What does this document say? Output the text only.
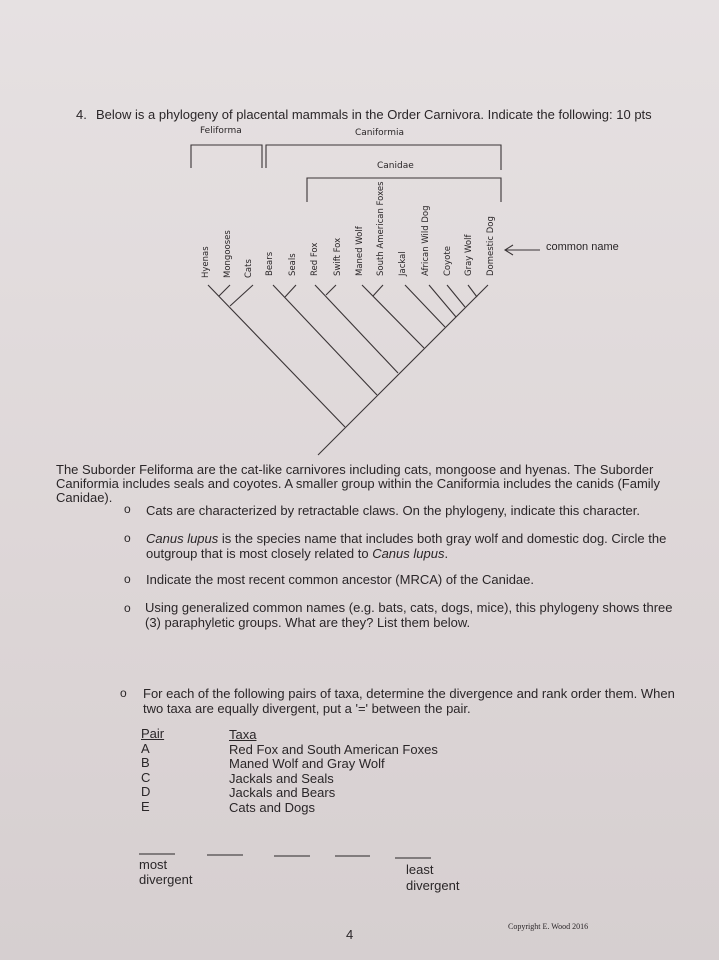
4. Below is a phylogeny of placental mammals in the Order Carnivora. Indicate the following: 10 pts
Feliforma	Caniformia
Canidae
Hyenas Mongooses Cats Bears Seals Red Fox Swift Fox Maned Wolf South American Foxes Jackal African Wild Dog Coyote Gray Wolf Domestic Dog	common name
The Suborder Feliforma are the cat-like carnivores including cats, mongoose and hyenas. The Suborder
Caniformia includes seals and coyotes. A smaller group within the Caniformia includes the canids (Family
Canidae).
o Cats are characterized by retractable claws. On the phylogeny, indicate this character.
o Canus lupus is the species name that includes both gray wolf and domestic dog. Circle the
outgroup that is most closely related to Canus lupus.
o Indicate the most recent common ancestor (MRCA) of the Canidae.
o Using generalized common names (e.g. bats, cats, dogs, mice), this phylogeny shows three
(3) paraphyletic groups. What are they? List them below.
o For each of the following pairs of taxa, determine the divergence and rank order them. When
two taxa are equally divergent, put a '=' between the pair.
Pair
A
B
C
D
E
Taxa
Red Fox and South American Foxes
Maned Wolf and Gray Wolf
Jackals and Seals
Jackals and Bears
Cats and Dogs
most
divergent
least
divergent
4
Copyright E. Wood 2016
